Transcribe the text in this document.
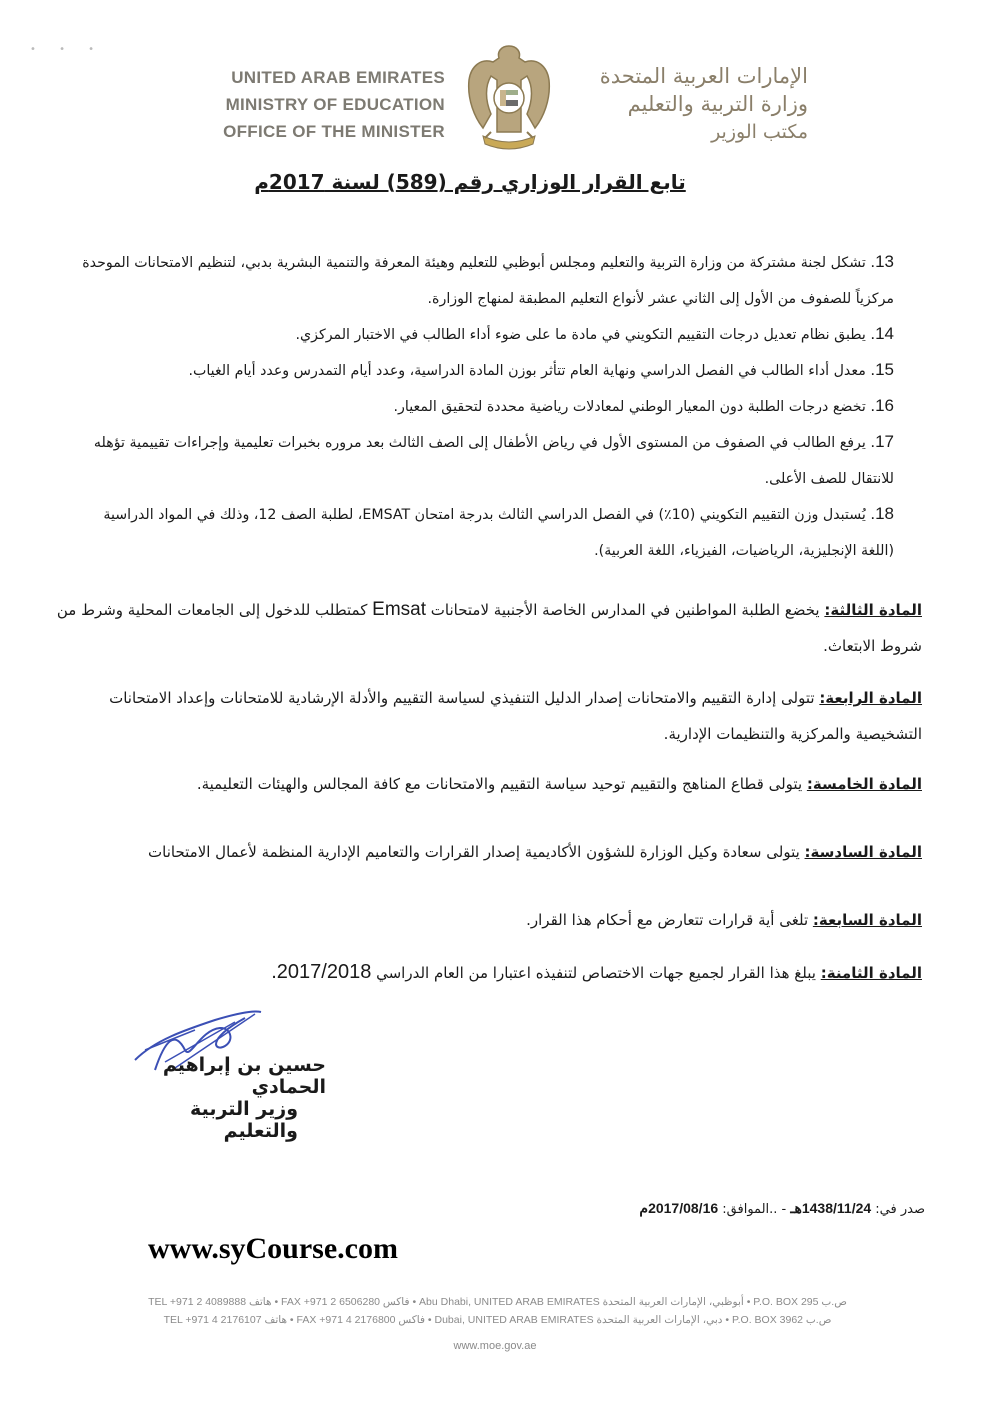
• • •
UNITED ARAB EMIRATES
MINISTRY OF EDUCATION
OFFICE OF THE MINISTER
الإمارات العربية المتحدة
وزارة التربية والتعليم
مكتب الوزير
تابع القرار الوزاري رقم (589) لسنة 2017م
13. تشكل لجنة مشتركة من وزارة التربية والتعليم ومجلس أبوظبي للتعليم وهيئة المعرفة والتنمية البشرية بدبي، لتنظيم الامتحانات الموحدة مركزياً للصفوف من الأول إلى الثاني عشر لأنواع التعليم المطبقة لمنهاج الوزارة.
14. يطبق نظام تعديل درجات التقييم التكويني في مادة ما على ضوء أداء الطالب في الاختبار المركزي.
15. معدل أداء الطالب في الفصل الدراسي ونهاية العام تتأثر بوزن المادة الدراسية، وعدد أيام التمدرس وعدد أيام الغياب.
16. تخضع درجات الطلبة دون المعيار الوطني لمعادلات رياضية محددة لتحقيق المعيار.
17. يرفع الطالب في الصفوف من المستوى الأول في رياض الأطفال إلى الصف الثالث بعد مروره بخبرات تعليمية وإجراءات تقييمية تؤهله للانتقال للصف الأعلى.
18. يُستبدل وزن التقييم التكويني (10٪) في الفصل الدراسي الثالث بدرجة امتحان EMSAT، لطلبة الصف 12، وذلك في المواد الدراسية (اللغة الإنجليزية، الرياضيات، الفيزياء، اللغة العربية).
المادة الثالثة: يخضع الطلبة المواطنين في المدارس الخاصة الأجنبية لامتحانات Emsat كمتطلب للدخول إلى الجامعات المحلية وشرط من شروط الابتعاث.
المادة الرابعة: تتولى إدارة التقييم والامتحانات إصدار الدليل التنفيذي لسياسة التقييم والأدلة الإرشادية للامتحانات وإعداد الامتحانات التشخيصية والمركزية والتنظيمات الإدارية.
المادة الخامسة: يتولى قطاع المناهج والتقييم توحيد سياسة التقييم والامتحانات مع كافة المجالس والهيئات التعليمية.
المادة السادسة: يتولى سعادة وكيل الوزارة للشؤون الأكاديمية إصدار القرارات والتعاميم الإدارية المنظمة لأعمال الامتحانات
المادة السابعة: تلغى أية قرارات تتعارض مع أحكام هذا القرار.
المادة الثامنة: يبلغ هذا القرار لجميع جهات الاختصاص لتنفيذه اعتبارا من العام الدراسي 2017/2018.
حسين بن إبراهيم الحمادي
وزير التربية والتعليم
صدر في: 1438/11/24هـ - ..الموافق: 2017/08/16م
www.syCourse.com
TEL +971 2 4089888 هاتف • FAX +971 2 6506280 فاكس • Abu Dhabi, UNITED ARAB EMIRATES أبوظبي، الإمارات العربية المتحدة • P.O. BOX 295 ص.ب
TEL +971 4 2176107 هاتف • FAX +971 4 2176800 فاكس • Dubai, UNITED ARAB EMIRATES دبي، الإمارات العربية المتحدة • P.O. BOX 3962 ص.ب
www.moe.gov.ae
